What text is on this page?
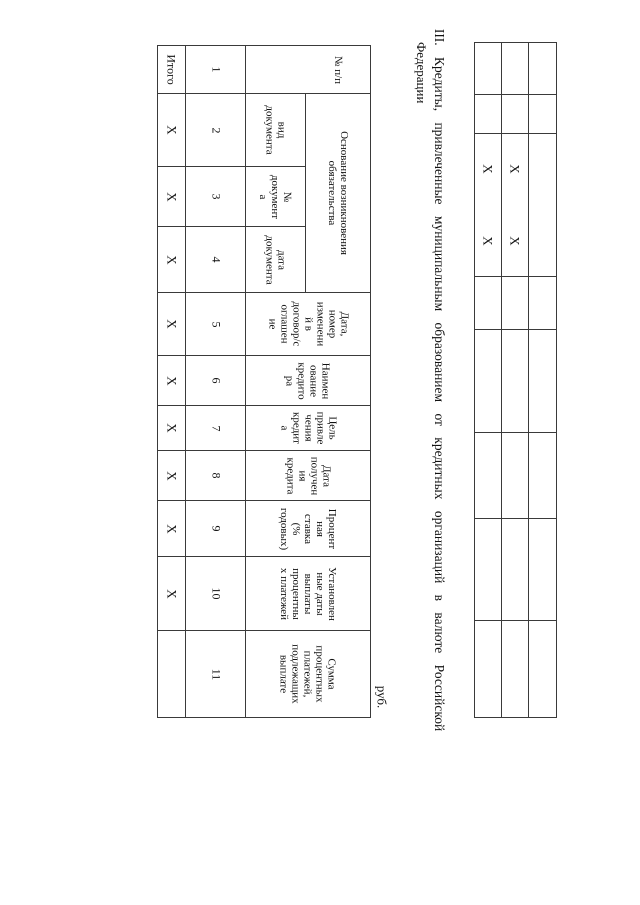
Х
Х
Х
Х
III. Кредиты, привлеченные муниципальным образованием от кредитных организаций в валюте Российской
Федерации
руб.
№ п/п
Основание возникновения
обязательства
вид
документа
№
документ
а
дата
документа
Дата,
номер
изменени
й в
договор/с
оглашен
ие
Наимен
ование
кредито
ра
Цель
привле
чения
кредит
а
Дата
получен
ия
кредита
Процент
ная
ставка
(%
годовых)
Установлен
ные даты
выплаты
процентны
х платежей
Сумма
процентных
платежей,
подлежащих
выплате
1
2
3
4
5
6
7
8
9
10
11
Итого
Х
Х
Х
Х
Х
Х
Х
Х
Х
